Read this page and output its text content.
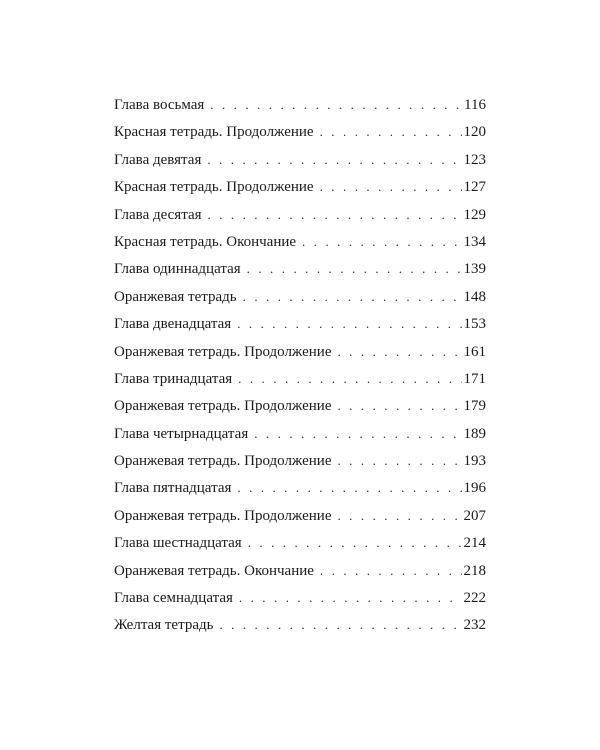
Глава восьмая . . .	116
Красная тетрадь. Продолжение . . .	120
Глава девятая . . .	123
Красная тетрадь. Продолжение . . .	127
Глава десятая . . .	129
Красная тетрадь. Окончание . . .	134
Глава одиннадцатая . . .	139
Оранжевая тетрадь . . .	148
Глава двенадцатая . . .	153
Оранжевая тетрадь. Продолжение . . .	161
Глава тринадцатая . . .	171
Оранжевая тетрадь. Продолжение . . .	179
Глава четырнадцатая . . .	189
Оранжевая тетрадь. Продолжение . . .	193
Глава пятнадцатая . . .	196
Оранжевая тетрадь. Продолжение . . .	207
Глава шестнадцатая . . .	214
Оранжевая тетрадь. Окончание . . .	218
Глава семнадцатая . . .	222
Желтая тетрадь . . .	232
